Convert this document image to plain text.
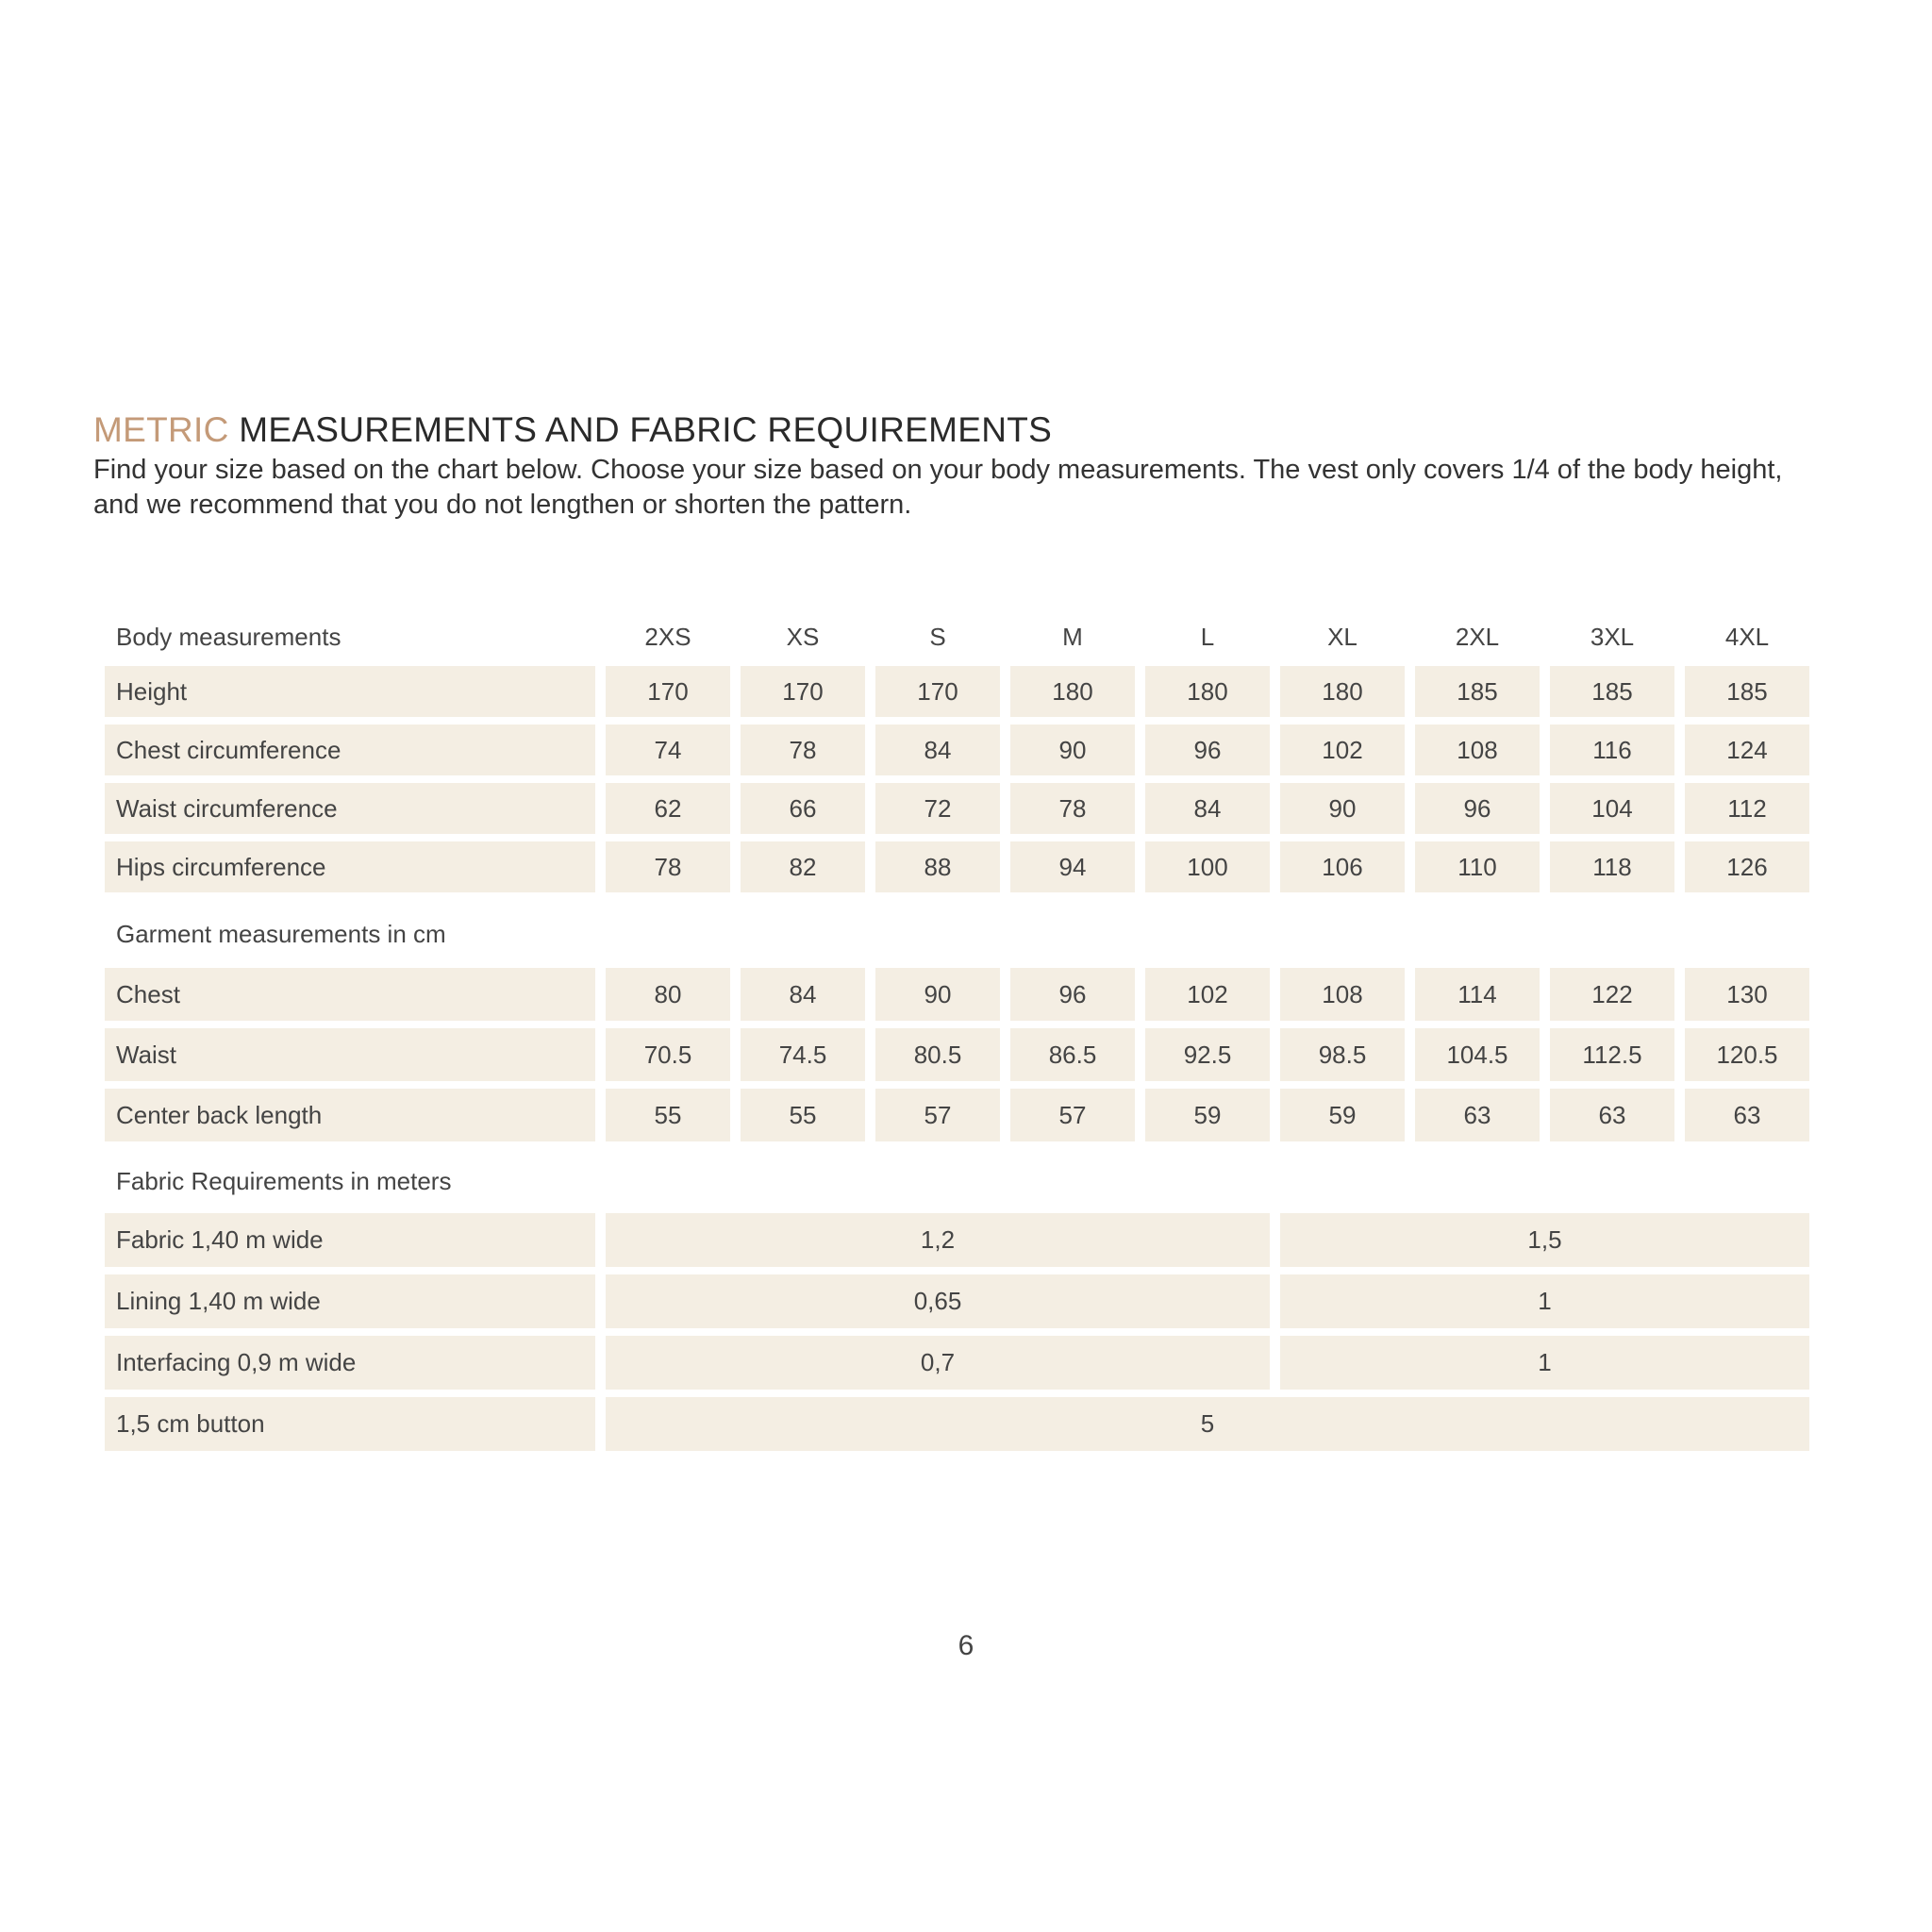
METRIC MEASUREMENTS AND FABRIC REQUIREMENTS

Find your size based on the chart below. Choose your size based on your body measurements. The vest only covers 1/4 of the body height, and we recommend that you do not lengthen or shorten the pattern.

Body measurements	2XS	XS	S	M	L	XL	2XL	3XL	4XL
Height	170	170	170	180	180	180	185	185	185
Chest circumference	74	78	84	90	96	102	108	116	124
Waist circumference	62	66	72	78	84	90	96	104	112
Hips circumference	78	82	88	94	100	106	110	118	126
Garment measurements in cm									
Chest	80	84	90	96	102	108	114	122	130
Waist	70.5	74.5	80.5	86.5	92.5	98.5	104.5	112.5	120.5
Center back length	55	55	57	57	59	59	63	63	63
Fabric Requirements in meters									
Fabric 1,40 m wide	1,2					1,5			
Lining 1,40 m wide	0,65					1			
Interfacing 0,9 m wide	0,7					1			
1,5 cm button	5								
6
